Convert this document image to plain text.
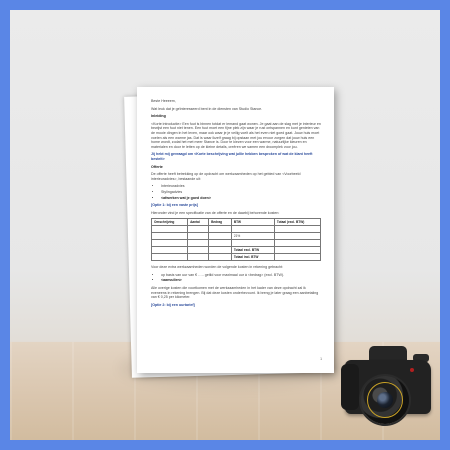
Beste Heeeem,

Wat leuk dat je geïnteresseerd bent in de diensten van Studio Stance.

Inleiding

<Korte introductie> Een fuut is binnen totdat er iemand gaat wonen. Je gaat aan de slag met je interieur en bewijst een fuut niet tenen. Een fuut moet een fijne plek zijn waar je rust ontspannen en kunt genieten van de mooie dingen in het leven, maar ook waar je je veilig voelt als het even niet goed gaat. Jouw huis moet voelen als een warme jas. Dat is waar ikzelf graag bij opstaan met jou ervoor zorgen dat jouw huis een home wordt, zodat het met meer Stance is. Door te kiezen voor een warme, natuurlijke kleuren en materialen en door te letten op de kleine details, creëren we samen een droomplek voor jou.

Jij hebt mij gevraagd om <Korte beschrijving wat jullie hebben besproken of wat de klant heeft bestelt>

Offerte

De offerte heeft betrekking op de opdracht om werkzaamheden op het gebied van <Voorbeeld interieuradvies>, bestaande uit:

• Interieuradvies
• Stylingadvies
• <afwerken wat je goed doen>

[Optie 1: bij een vaste prijs]

Hieronder vind je een specificatie van de offerte en de daarbij behorende kosten:

Omschrijving	Aantal	Bedrag	BTW	Totaal (excl. BTW)

			21%	

			Totaal excl. BTW	
			Totaal incl. BTW	

Voor deze extra werkzaamheden worden de volgende kosten in rekening gebracht:

• op basis van uur van € ….. getild voor maximaal uur á <bedrag> (excl. BTW).
• <aanvullen>

Alle overige kosten die voortkomen met de werkzaamheden in het kader van deze opdracht zal ik eveneens in rekening brengen. Bij dat deze kosten onderhevount. Ik breng je later graag een aanbetaling van € 0,25 per kilometer.

[Optie 2: bij een uurtarief]

1
